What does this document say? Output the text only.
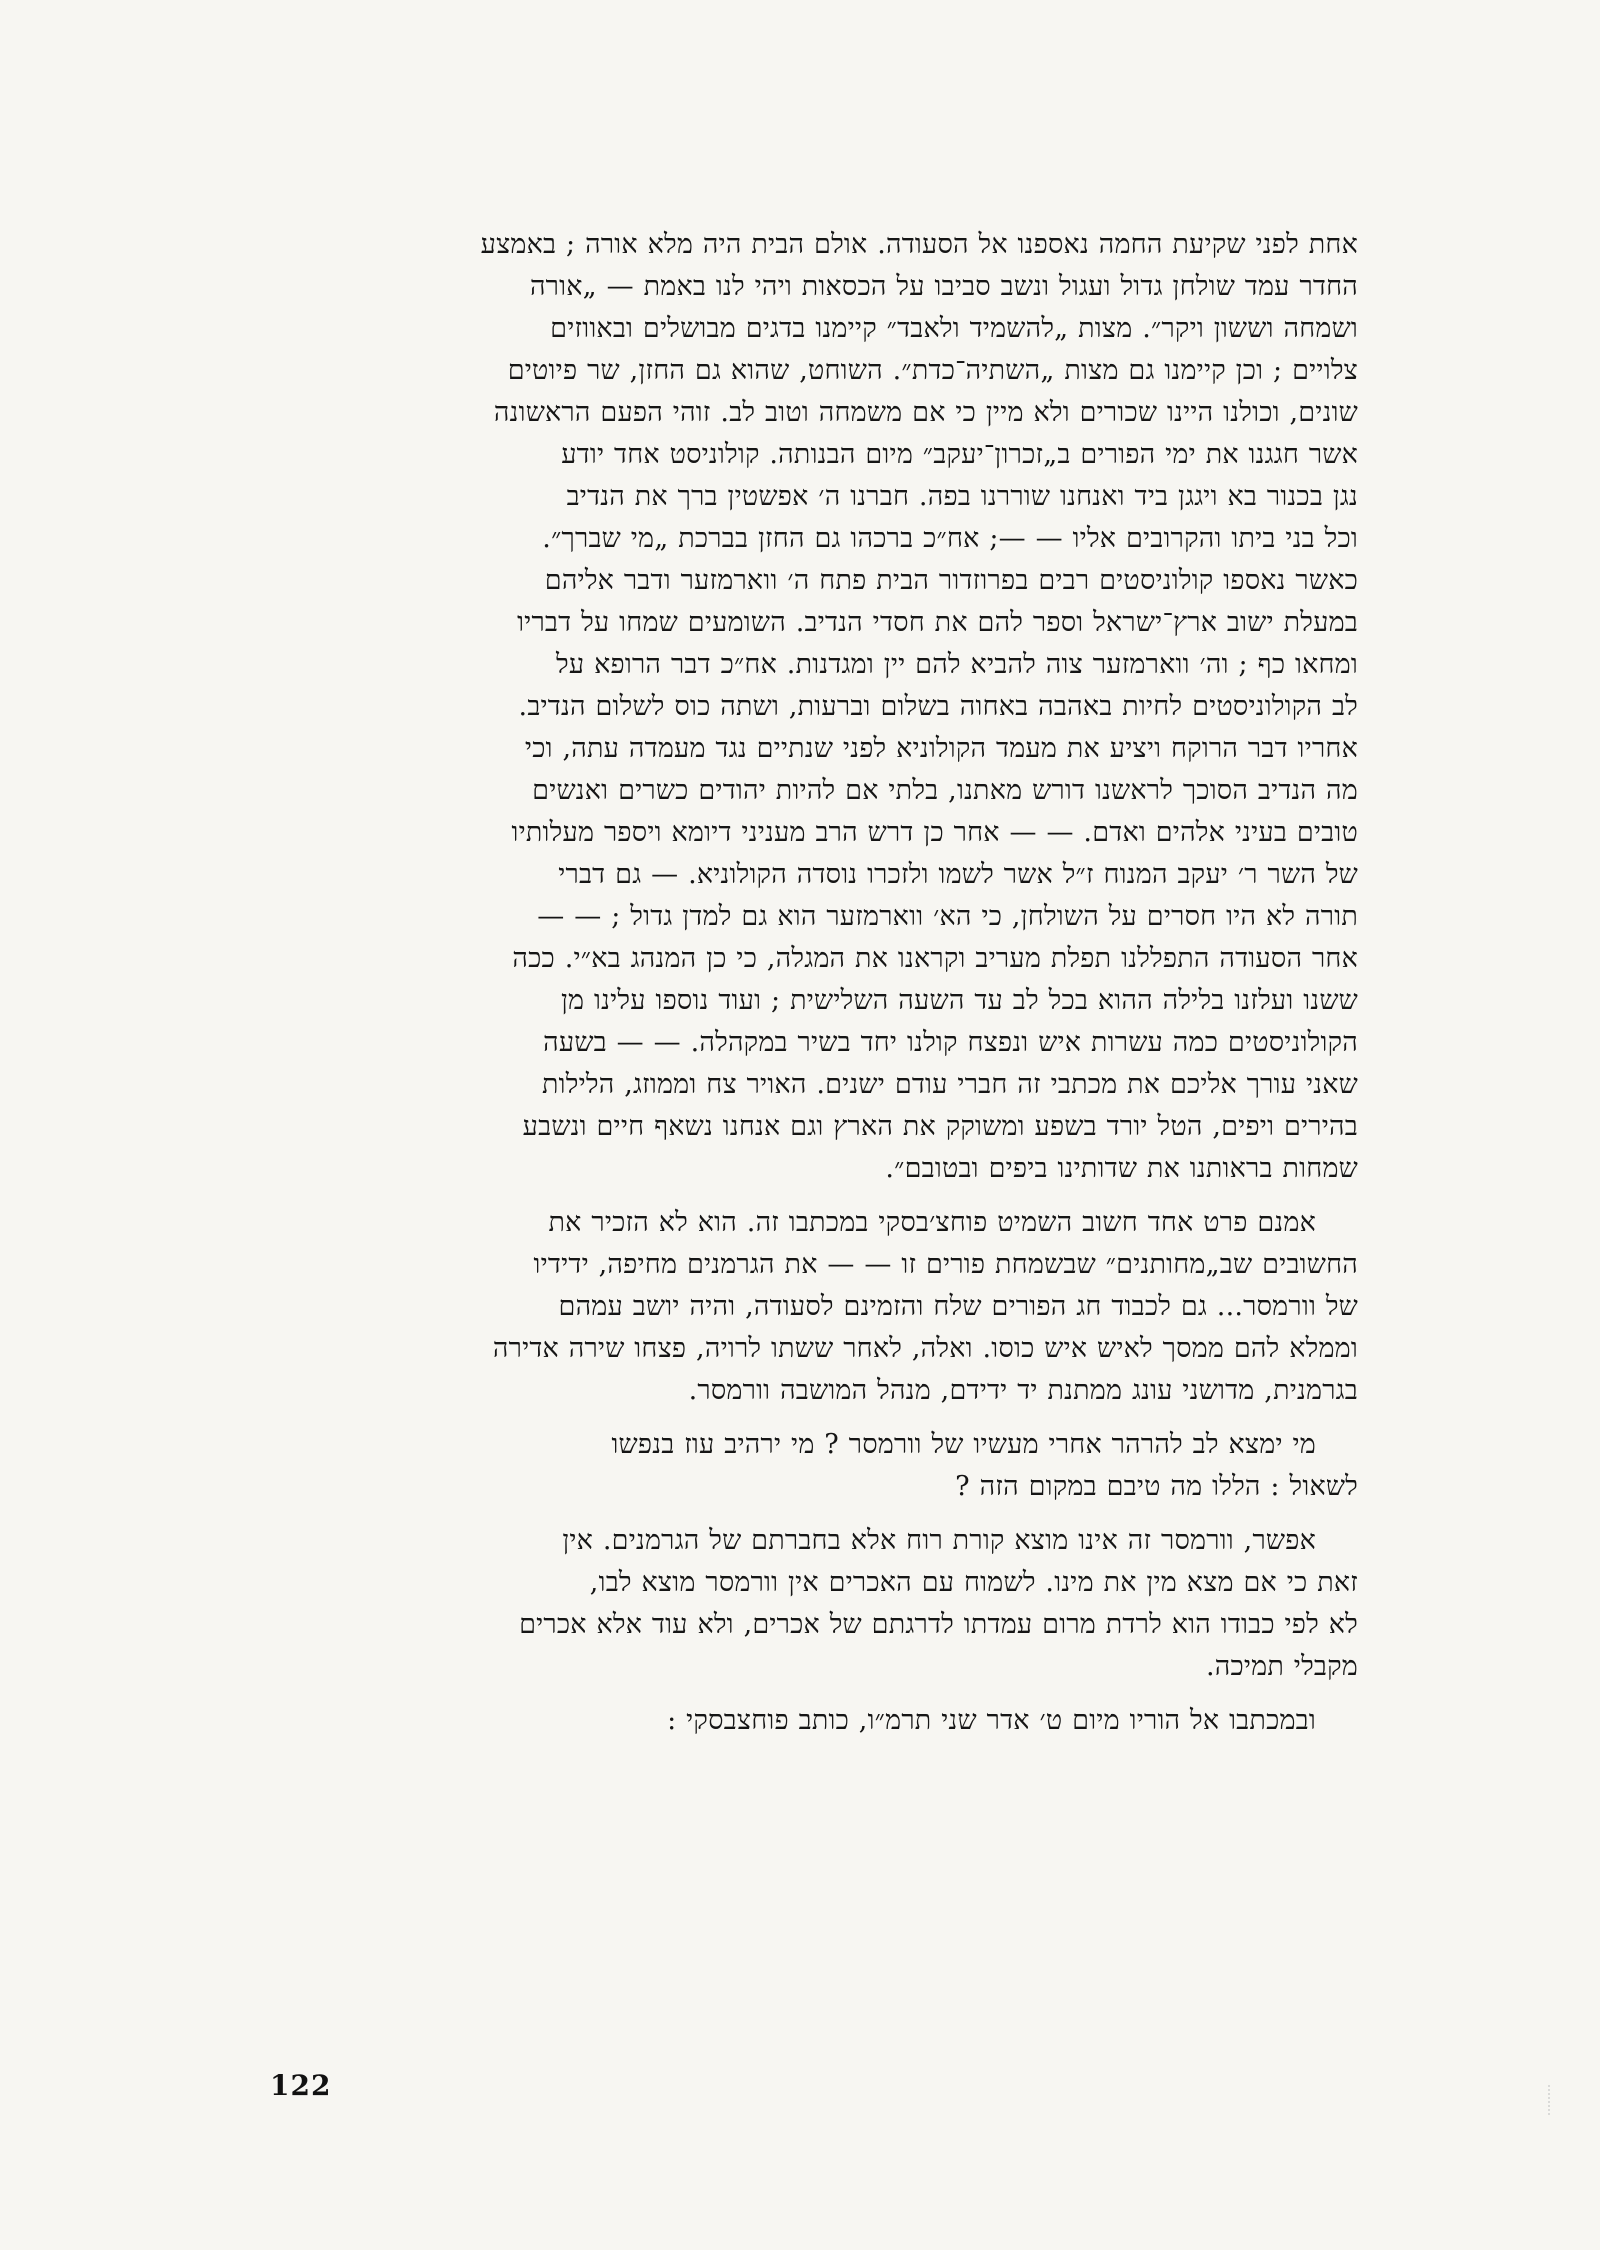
אחת לפני שקיעת החמה נאספנו אל הסעודה. אולם הבית היה מלא אורה ; באמצע
החדר עמד שולחן גדול ועגול ונשב סביבו על הכסאות ויהי לנו באמת — „אורה
ושמחה וששון ויקר״. מצות „להשמיד ולאבד״ קיימנו בדגים מבושלים ובאווזים
צלויים ; וכן קיימנו גם מצות „השתיה־כדת״. השוחט, שהוא גם החזן, שר פיוטים
שונים, וכולנו היינו שכורים ולא מיין כי אם משמחה וטוב לב. זוהי הפעם הראשונה
אשר חגגנו את ימי הפורים ב„זכרון־יעקב״ מיום הבנותה. קולוניסט אחד יודע
נגן בכנור בא ויגגן ביד ואנחנו שוררנו בפה. חברנו ה׳ אפשטין ברך את הנדיב
וכל בני ביתו והקרובים אליו — —; אח״כ ברכהו גם החזן בברכת „מי שברך״.
כאשר נאספו קולוניסטים רבים בפרוזדור הבית פתח ה׳ ווארמזער ודבר אליהם
במעלת ישוב ארץ־ישראל וספר להם את חסדי הנדיב. השומעים שמחו על דבריו
ומחאו כף ; וה׳ ווארמזער צוה להביא להם יין ומגדנות. אח״כ דבר הרופא על
לב הקולוניסטים לחיות באהבה באחוה בשלום וברעות, ושתה כוס לשלום הנדיב.
אחריו דבר הרוקח ויציע את מעמד הקולוניא לפני שנתיים נגד מעמדה עתה, וכי
מה הנדיב הסוכך לראשנו דורש מאתנו, בלתי אם להיות יהודים כשרים ואנשים
טובים בעיני אלהים ואדם. — — אחר כן דרש הרב מעניני דיומא ויספר מעלותיו
של השר ר׳ יעקב המנוח ז״ל אשר לשמו ולזכרו נוסדה הקולוניא. — גם דברי
תורה לא היו חסרים על השולחן, כי הא׳ ווארמזער הוא גם למדן גדול ; — —
אחר הסעודה התפללנו תפלת מעריב וקראנו את המגלה, כי כן המנהג בא״י. ככה
ששנו ועלזנו בלילה ההוא בכל לב עד השעה השלישית ; ועוד נוספו עלינו מן
הקולוניסטים כמה עשרות איש ונפצח קולנו יחד בשיר במקהלה. — — בשעה
שאני עורך אליכם את מכתבי זה חברי עודם ישנים. האויר צח וממוזג, הלילות
בהירים ויפים, הטל יורד בשפע ומשוקק את הארץ וגם אנחנו נשאף חיים ונשבע
שמחות בראותנו את שדותינו ביפים ובטובם״.
אמנם פרט אחד חשוב השמיט פוחצ׳בסקי במכתבו זה. הוא לא הזכיר את
החשובים שב„מחותנים״ שבשמחת פורים זו — — את הגרמנים מחיפה, ידידיו
של וורמסר... גם לכבוד חג הפורים שלח והזמינם לסעודה, והיה יושב עמהם
וממלא להם ממסך לאיש איש כוסו. ואלה, לאחר ששתו לרויה, פצחו שירה אדירה
בגרמנית, מדושני עונג ממתנת יד ידידם, מנהל המושבה וורמסר.
מי ימצא לב להרהר אחרי מעשיו של וורמסר ? מי ירהיב עוז בנפשו
לשאול : הללו מה טיבם במקום הזה ?
אפשר, וורמסר זה אינו מוצא קורת רוח אלא בחברתם של הגרמנים. אין
זאת כי אם מצא מין את מינו. לשמוח עם האכרים אין וורמסר מוצא לבו,
לא לפי כבודו הוא לרדת מרום עמדתו לדרגתם של אכרים, ולא עוד אלא אכרים
מקבלי תמיכה.
ובמכתבו אל הוריו מיום ט׳ אדר שני תרמ״ו, כותב פוחצבסקי :
122
